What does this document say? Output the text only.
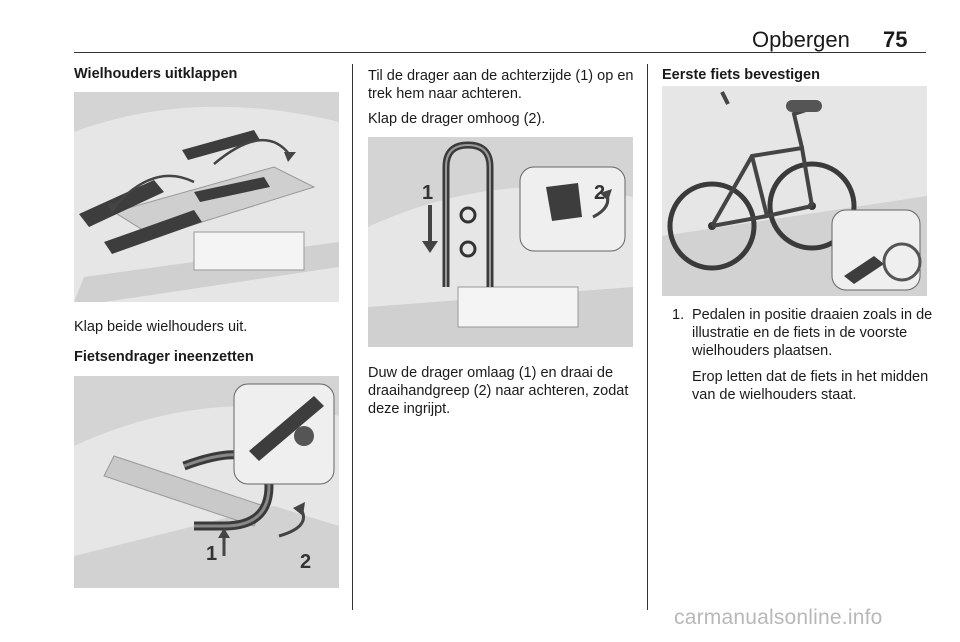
Opbergen 75
Wielhouders uitklappen
Klap beide wielhouders uit.
Fietsendrager ineenzetten
1	2
Til de drager aan de achterzijde (1) op en trek hem naar achteren.
Klap de drager omhoog (2).
1	2
Duw de drager omlaag (1) en draai de draaihandgreep (2) naar achteren, zodat deze ingrijpt.
Eerste fiets bevestigen
1. Pedalen in positie draaien zoals in de illustratie en de fiets in de voorste wielhouders plaatsen.
Erop letten dat de fiets in het midden van de wielhouders staat.
carmanualsonline.info
